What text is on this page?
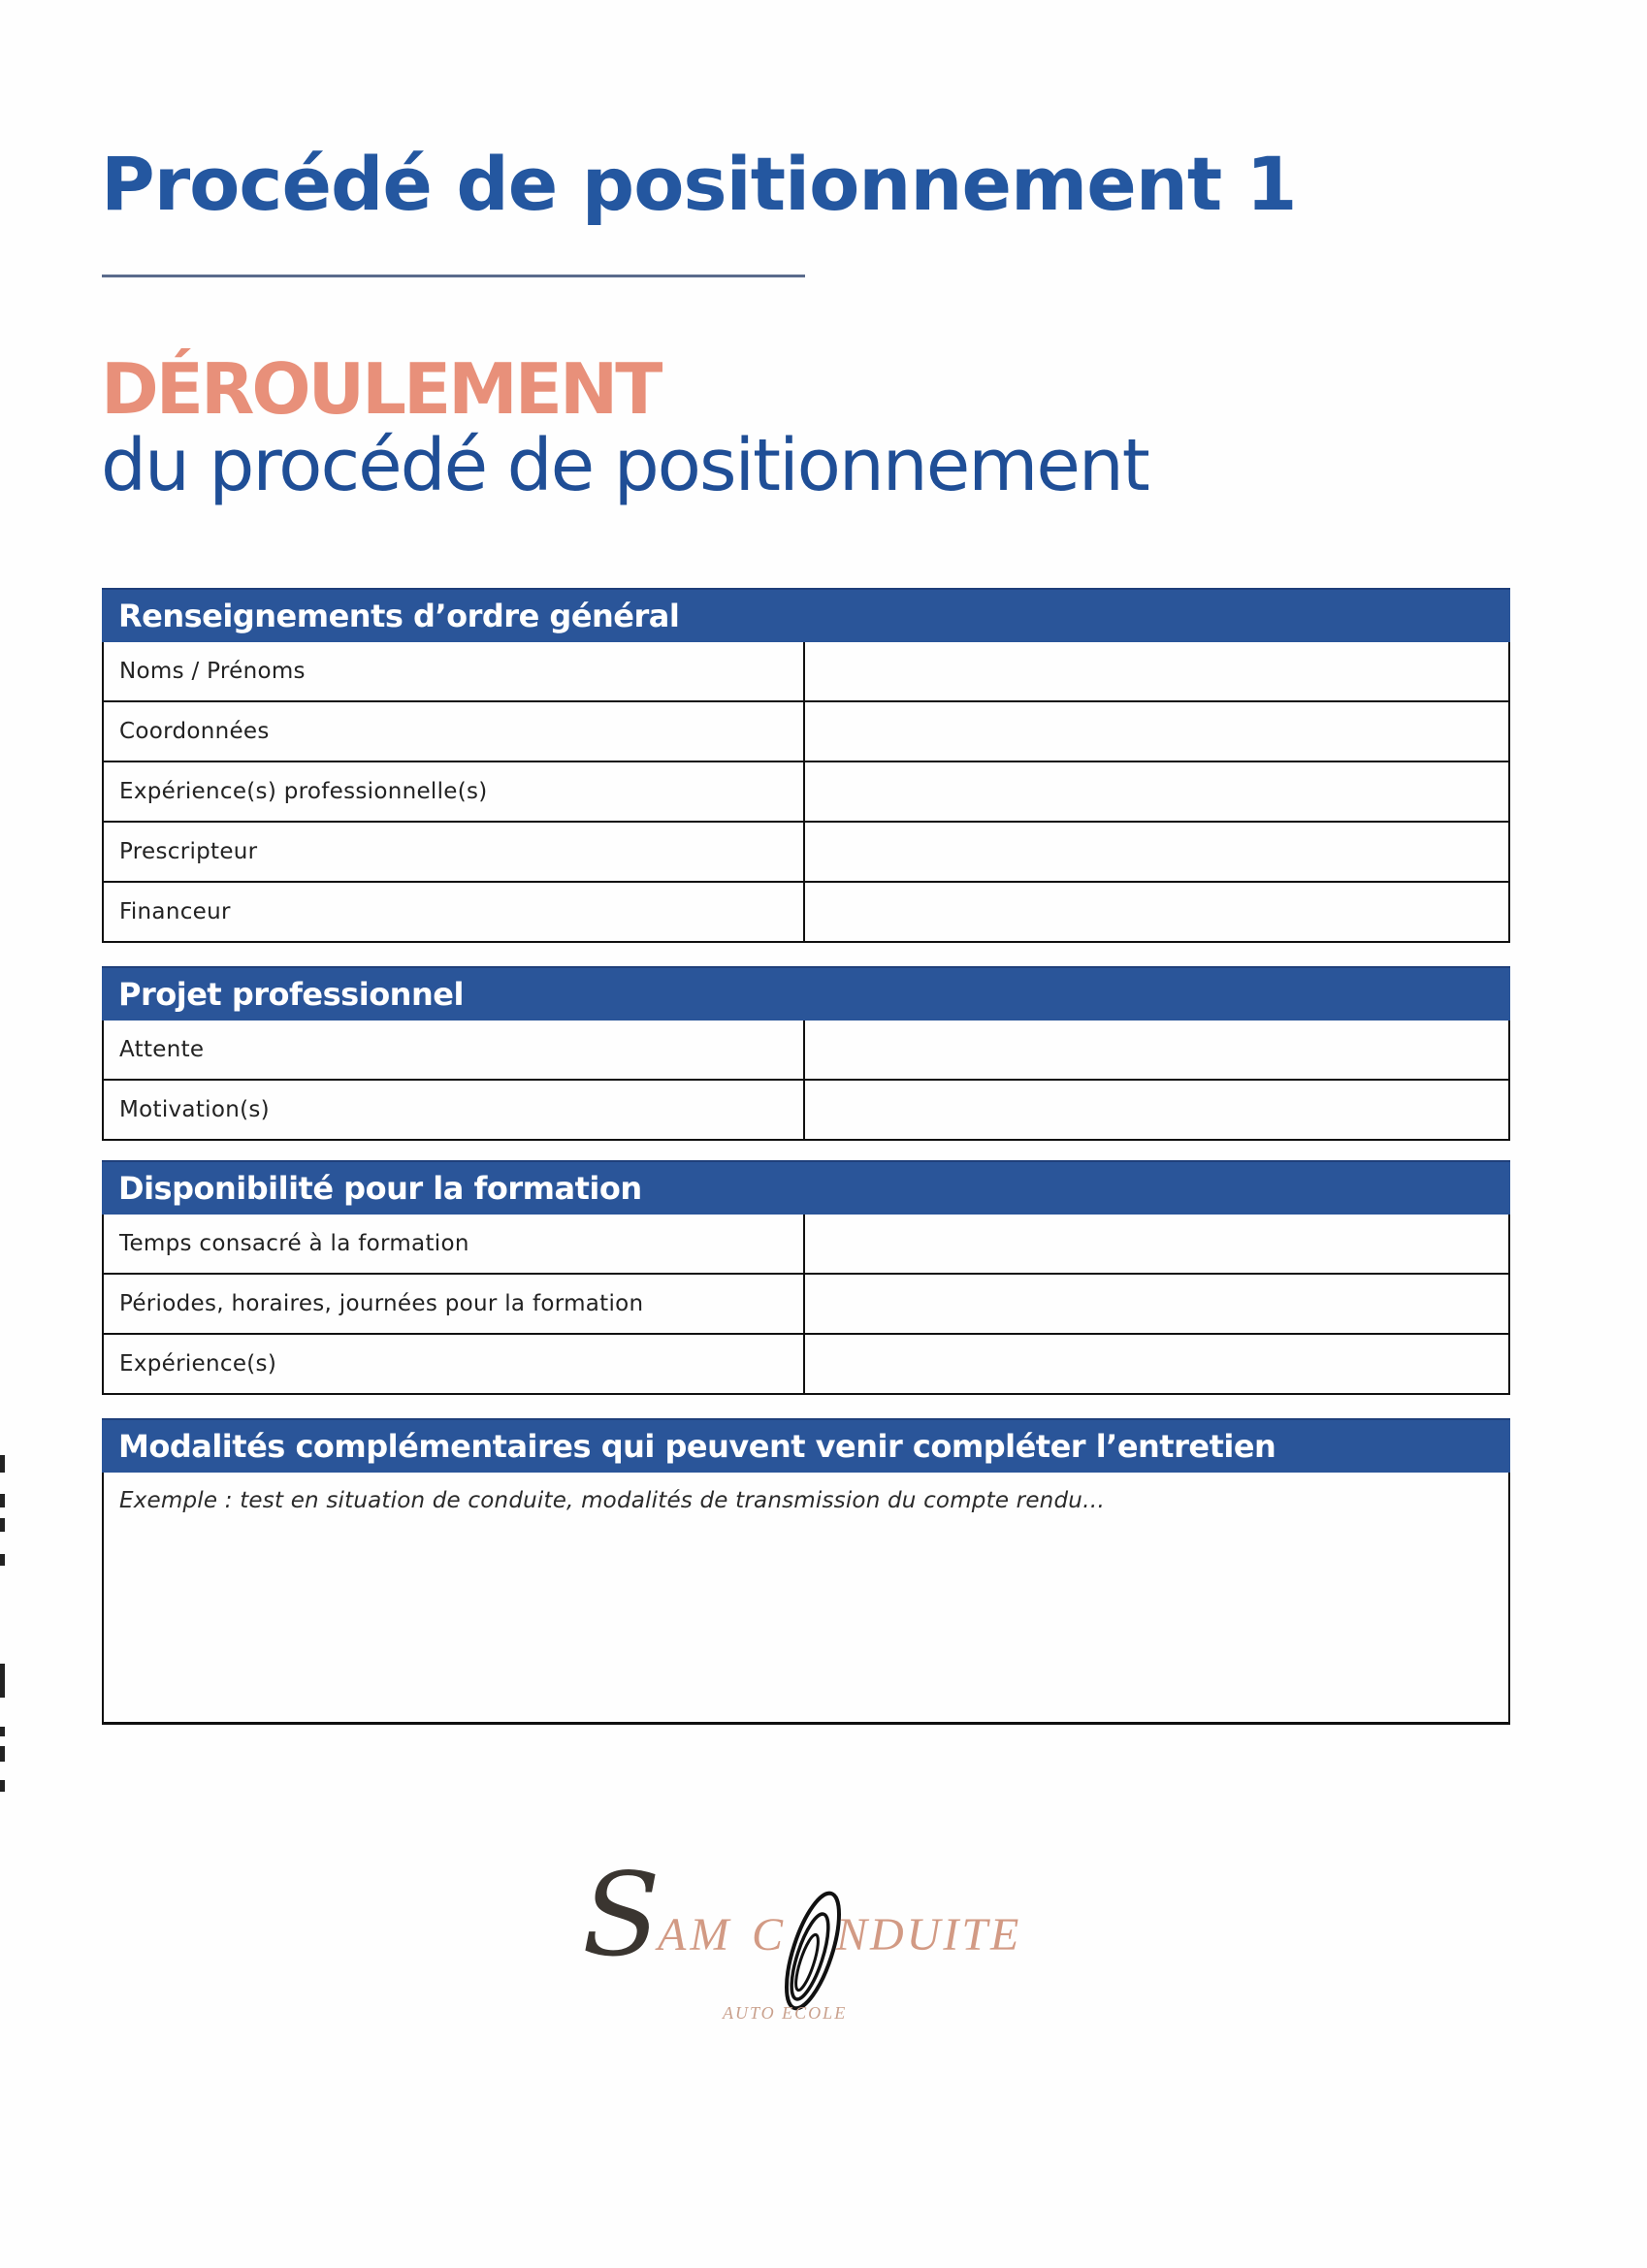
Procédé de positionnement 1
DÉROULEMENT
du procédé de positionnement
Renseignements d’ordre général
Noms / Prénoms
Coordonnées
Expérience(s) professionnelle(s)
Prescripteur
Financeur
Projet professionnel
Attente
Motivation(s)
Disponibilité pour la formation
Temps consacré à la formation
Périodes, horaires, journées pour la formation
Expérience(s)
Modalités complémentaires qui peuvent venir compléter l’entretien
Exemple : test en situation de conduite, modalités de transmission du compte rendu…
S
AM C NDUITE
AUTO ECOLE
